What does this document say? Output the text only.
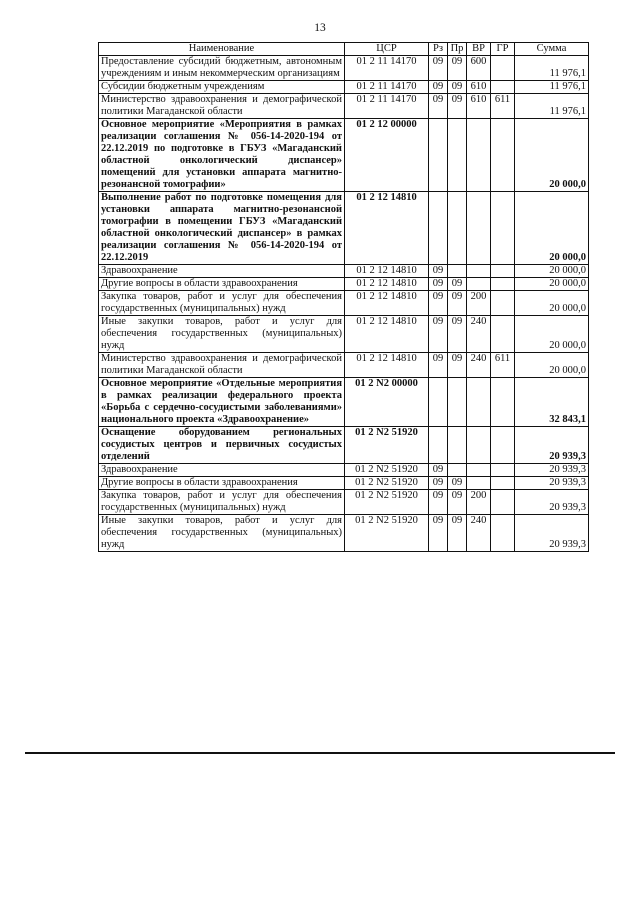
13
Наименование	ЦСР	Рз	Пр	ВР	ГР	Сумма
Предоставление субсидий бюджетным, автономным учреждениям и иным некоммерческим организациям	01 2 11 14170	09	09	600		11 976,1
Субсидии бюджетным учреждениям	01 2 11 14170	09	09	610		11 976,1
Министерство здравоохранения и демографической политики Магаданской области	01 2 11 14170	09	09	610	611	11 976,1
Основное мероприятие «Мероприятия в рамках реализации соглашения № 056-14-2020-194 от 22.12.2019 по подготовке в ГБУЗ «Магаданский областной онкологический диспансер» помещений для установки аппарата магнитно-резонансной томографии»	01 2 12 00000					20 000,0
Выполнение работ по подготовке помещения для установки аппарата магнитно-резонансной томографии в помещении ГБУЗ «Магаданский областной онкологический диспансер» в рамках реализации соглашения № 056-14-2020-194 от 22.12.2019	01 2 12 14810					20 000,0
Здравоохранение	01 2 12 14810	09				20 000,0
Другие вопросы в области здравоохранения	01 2 12 14810	09	09			20 000,0
Закупка товаров, работ и услуг для обеспечения государственных (муниципальных) нужд	01 2 12 14810	09	09	200		20 000,0
Иные закупки товаров, работ и услуг для обеспечения государственных (муниципальных) нужд	01 2 12 14810	09	09	240		20 000,0
Министерство здравоохранения и демографической политики Магаданской области	01 2 12 14810	09	09	240	611	20 000,0
Основное мероприятие «Отдельные мероприятия в рамках реализации федерального проекта «Борьба с сердечно-сосудистыми заболеваниями» национального проекта «Здравоохранение»	01 2 N2 00000					32 843,1
Оснащение оборудованием региональных сосудистых центров и первичных сосудистых отделений	01 2 N2 51920					20 939,3
Здравоохранение	01 2 N2 51920	09				20 939,3
Другие вопросы в области здравоохранения	01 2 N2 51920	09	09			20 939,3
Закупка товаров, работ и услуг для обеспечения государственных (муниципальных) нужд	01 2 N2 51920	09	09	200		20 939,3
Иные закупки товаров, работ и услуг для обеспечения государственных (муниципальных) нужд	01 2 N2 51920	09	09	240		20 939,3
